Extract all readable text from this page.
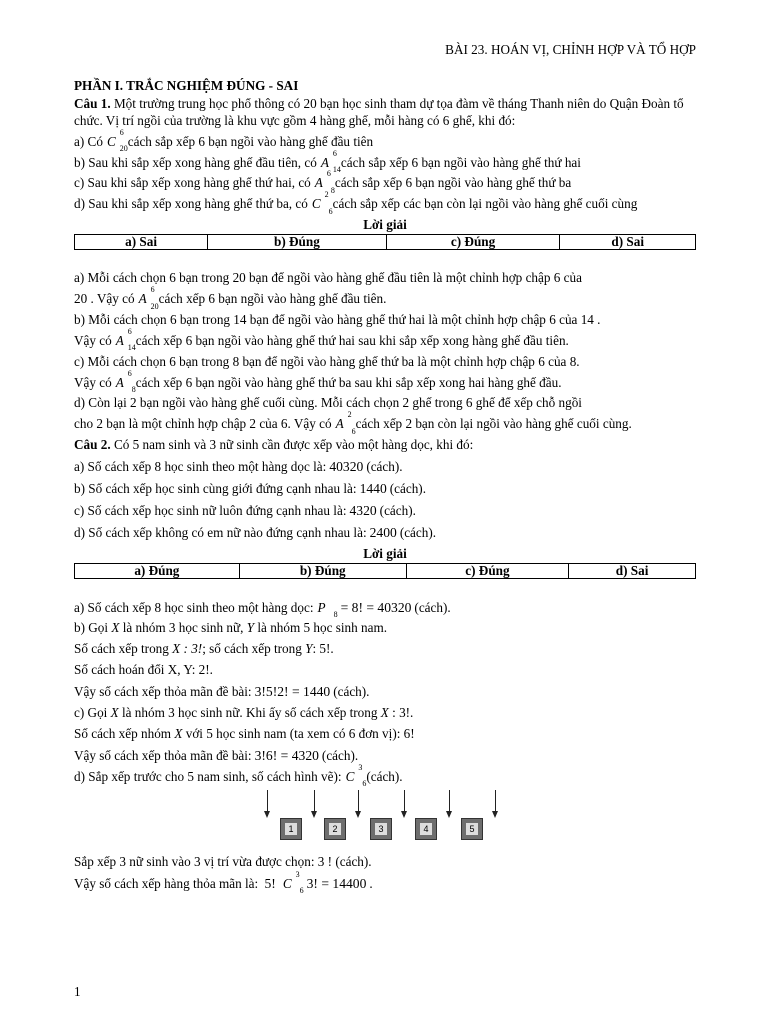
BÀI 23. HOÁN VỊ, CHỈNH HỢP VÀ TỔ HỢP

PHẦN I. TRẮC NGHIỆM ĐÚNG - SAI

Câu 1. Một trường trung học phổ thông có 20 bạn học sinh tham dự tọa đàm về tháng Thanh niên do Quận Đoàn tổ chức. Vị trí ngồi của trường là khu vực gồm 4 hàng ghế, mỗi hàng có 6 ghế, khi đó:

a) Có C
6
20
cách sắp xếp 6 bạn ngồi vào hàng ghế đầu tiên

b) Sau khi sắp xếp xong hàng ghế đầu tiên, có A
6
14
cách sắp xếp 6 bạn ngồi vào hàng ghế thứ hai

c) Sau khi sắp xếp xong hàng ghế thứ hai, có A
6
8
cách sắp xếp 6 bạn ngồi vào hàng ghế thứ ba

d) Sau khi sắp xếp xong hàng ghế thứ ba, có C
2
6
cách sắp xếp các bạn còn lại ngồi vào hàng ghế cuối cùng

Lời giải

a) Sai	b) Đúng	c) Đúng	d) Sai

a) Mỗi cách chọn 6 bạn trong 20 bạn để ngồi vào hàng ghế đầu tiên là một chỉnh hợp chập 6 của

20 . Vậy có A
6
20
cách xếp 6 bạn ngồi vào hàng ghế đầu tiên.

b) Mỗi cách chọn 6 bạn trong 14 bạn để ngồi vào hàng ghế thứ hai là một chỉnh hợp chập 6 của 14 .

Vậy có A
6
14
cách xếp 6 bạn ngồi vào hàng ghế thứ hai sau khi sắp xếp xong hàng ghế đầu tiên.

c) Mỗi cách chọn 6 bạn trong 8 bạn để ngồi vào hàng ghế thứ ba là một chỉnh hợp chập 6 của 8.

Vậy có A
6
8
cách xếp 6 bạn ngồi vào hàng ghế thứ ba sau khi sắp xếp xong hai hàng ghế đầu.

d) Còn lại 2 bạn ngồi vào hàng ghế cuối cùng. Mỗi cách chọn 2 ghế trong 6 ghế để xếp chỗ ngồi

cho 2 bạn là một chỉnh hợp chập 2 của 6. Vậy có A
2
6
cách xếp 2 bạn còn lại ngồi vào hàng ghế cuối cùng.

Câu 2. Có 5 nam sinh và 3 nữ sinh cần được xếp vào một hàng dọc, khi đó:

a) Số cách xếp 8 học sinh theo một hàng dọc là: 40320 (cách).

b) Số cách xếp học sinh cùng giới đứng cạnh nhau là: 1440 (cách).

c) Số cách xếp học sinh nữ luôn đứng cạnh nhau là: 4320 (cách).

d) Số cách xếp không có em nữ nào đứng cạnh nhau là: 2400 (cách).

Lời giải

a) Đúng	b) Đúng	c) Đúng	d) Sai

a) Số cách xếp 8 học sinh theo một hàng dọc: P
8
= 8! = 40320 (cách).

b) Gọi X là nhóm 3 học sinh nữ, Y là nhóm 5 học sinh nam.

Số cách xếp trong X : 3!; số cách xếp trong Y: 5!.

Số cách hoán đổi X, Y: 2!.

Vậy số cách xếp thỏa mãn đề bài: 3!5!2! = 1440 (cách).

c) Gọi X là nhóm 3 học sinh nữ. Khi ấy số cách xếp trong X : 3!.

Số cách xếp nhóm X với 5 học sinh nam (ta xem có 6 đơn vị): 6!

Vậy số cách xếp thỏa mãn đề bài: 3!6! = 4320 (cách).

d) Sắp xếp trước cho 5 nam sinh, số cách hình vẽ): C
3
6
(cách).

1	2	3	4	5

Sắp xếp 3 nữ sinh vào 3 vị trí vừa được chọn: 3 ! (cách).

Vậy số cách xếp hàng thỏa mãn là: 5! C
3
6
3! = 14400 .

1
